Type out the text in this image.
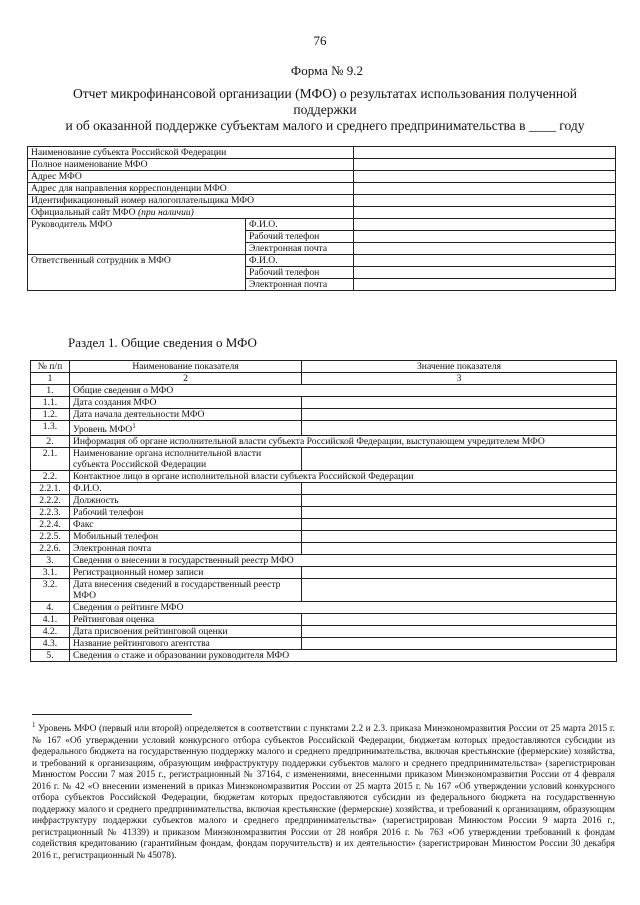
76
Форма № 9.2
Отчет микрофинансовой организации (МФО) о результатах использования полученной поддержки
и об оказанной поддержке субъектам малого и среднего предпринимательства в ____ году
Наименование субъекта Российской Федерации		
Полное наименование МФО		
Адрес МФО		
Адрес для направления корреспонденции МФО		
Идентификационный номер налогоплательщика МФО		
Официальный сайт МФО (при наличии)		
Руководитель МФО	Ф.И.О.	
	Рабочий телефон	
	Электронная почта	
Ответственный сотрудник в МФО	Ф.И.О.	
	Рабочий телефон	
	Электронная почта	
Раздел 1. Общие сведения о МФО
№ п/п	Наименование показателя	Значение показателя
1	2	3
1.	Общие сведения о МФО	
1.1.	Дата создания МФО	
1.2.	Дата начала деятельности МФО	
1.3.	Уровень МФО$^1$	
2.	Информация об органе исполнительной власти субъекта Российской Федерации, выступающем учредителем МФО	
2.1.	Наименование органа исполнительной власти субъекта Российской Федерации	
2.2.	Контактное лицо в органе исполнительной власти субъекта Российской Федерации	
2.2.1.	Ф.И.О.	
2.2.2.	Должность	
2.2.3.	Рабочий телефон	
2.2.4.	Факс	
2.2.5.	Мобильный телефон	
2.2.6.	Электронная почта	
3.	Сведения о внесении в государственный реестр МФО	
3.1.	Регистрационный номер записи	
3.2.	Дата внесения сведений в государственный реестр МФО	
4.	Сведения о рейтинге МФО	
4.1.	Рейтинговая оценка	
4.2.	Дата присвоения рейтинговой оценки	
4.3.	Название рейтингового агентства	
5.	Сведения о стаже и образовании руководителя МФО	
$^1$ Уровень МФО (первый или второй) определяется в соответствии с пунктами 2.2 и 2.3. приказа Минэкономразвития России от 25 марта 2015 г. № 167 «Об утверждении условий конкурсного отбора субъектов Российской Федерации, бюджетам которых предоставляются субсидии из федерального бюджета на государственную поддержку малого и среднего предпринимательства, включая крестьянские (фермерские) хозяйства, и требований к организациям, образующим инфраструктуру поддержки субъектов малого и среднего предпринимательства» (зарегистрирован Минюстом России 7 мая 2015 г., регистрационный № 37164, с изменениями, внесенными приказом Минэкономразвития России от 4 февраля 2016 г. № 42 «О внесении изменений в приказ Минэкономразвития России от 25 марта 2015 г. № 167 «Об утверждении условий конкурсного отбора субъектов Российской Федерации, бюджетам которых предоставляются субсидии из федерального бюджета на государственную поддержку малого и среднего предпринимательства, включая крестьянские (фермерские) хозяйства, и требований к организациям, образующим инфраструктуру поддержки субъектов малого и среднего предпринимательства» (зарегистрирован Минюстом России 9 марта 2016 г., регистрационный № 41339) и приказом Минэкономразвития России от 28 ноября 2016 г. № 763 «Об утверждении требований к фондам содействия кредитованию (гарантийным фондам, фондам поручительств) и их деятельности» (зарегистрирован Минюстом России 30 декабря 2016 г., регистрационный № 45078).
